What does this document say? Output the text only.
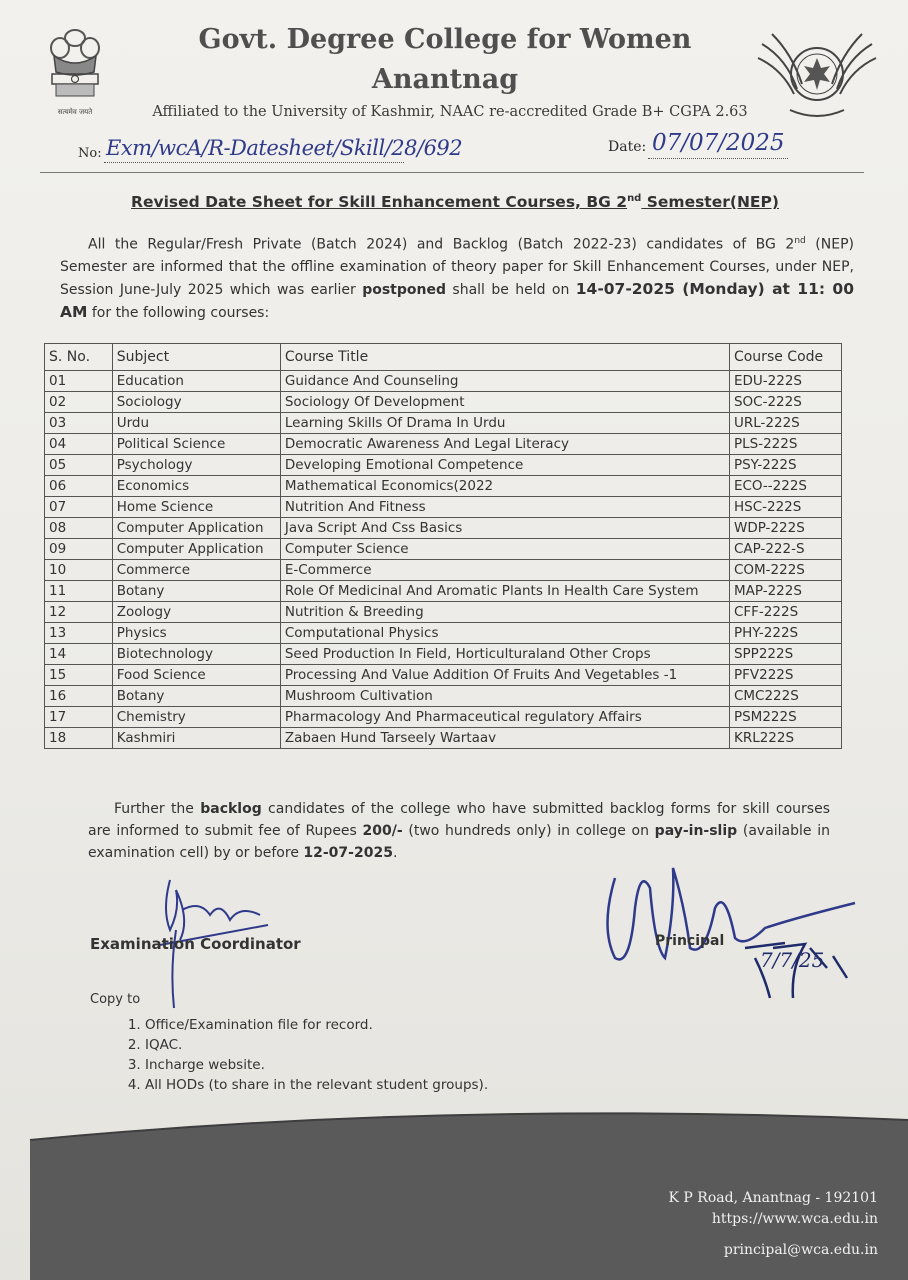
सत्यमेव जयते
Govt. Degree College for Women
Anantnag
Affiliated to the University of Kashmir, NAAC re-accredited Grade B+ CGPA 2.63
No: Exm/wcA/R-Datesheet/Skill/28/692	Date: 07/07/2025
Revised Date Sheet for Skill Enhancement Courses, BG 2nd Semester(NEP)
All the Regular/Fresh Private (Batch 2024) and Backlog (Batch 2022-23) candidates of BG 2nd (NEP) Semester are informed that the offline examination of theory paper for Skill Enhancement Courses, under NEP, Session June-July 2025 which was earlier postponed shall be held on 14-07-2025 (Monday) at 11: 00 AM for the following courses:
S. No.	Subject	Course Title	Course Code
01	Education	Guidance And Counseling	EDU-222S
02	Sociology	Sociology Of Development	SOC-222S
03	Urdu	Learning Skills Of Drama In Urdu	URL-222S
04	Political Science	Democratic Awareness And Legal Literacy	PLS-222S
05	Psychology	Developing Emotional Competence	PSY-222S
06	Economics	Mathematical Economics(2022	ECO--222S
07	Home Science	Nutrition And Fitness	HSC-222S
08	Computer Application	Java Script And Css Basics	WDP-222S
09	Computer Application	Computer Science	CAP-222-S
10	Commerce	E-Commerce	COM-222S
11	Botany	Role Of Medicinal And Aromatic Plants In Health Care System	MAP-222S
12	Zoology	Nutrition & Breeding	CFF-222S
13	Physics	Computational Physics	PHY-222S
14	Biotechnology	Seed Production In Field, Horticulturaland Other Crops	SPP222S
15	Food Science	Processing And Value Addition Of Fruits And Vegetables -1	PFV222S
16	Botany	Mushroom Cultivation	CMC222S
17	Chemistry	Pharmacology And Pharmaceutical regulatory Affairs	PSM222S
18	Kashmiri	Zabaen Hund Tarseely Wartaav	KRL222S
Further the backlog candidates of the college who have submitted backlog forms for skill courses are informed to submit fee of Rupees 200/- (two hundreds only) in college on pay-in-slip (available in examination cell) by or before 12-07-2025.
Examination Coordinator	Principal
7/7/25
Copy to
1. Office/Examination file for record.
2. IQAC.
3. Incharge website.
4. All HODs (to share in the relevant student groups).
K P Road, Anantnag - 192101
https://www.wca.edu.in
principal@wca.edu.in
